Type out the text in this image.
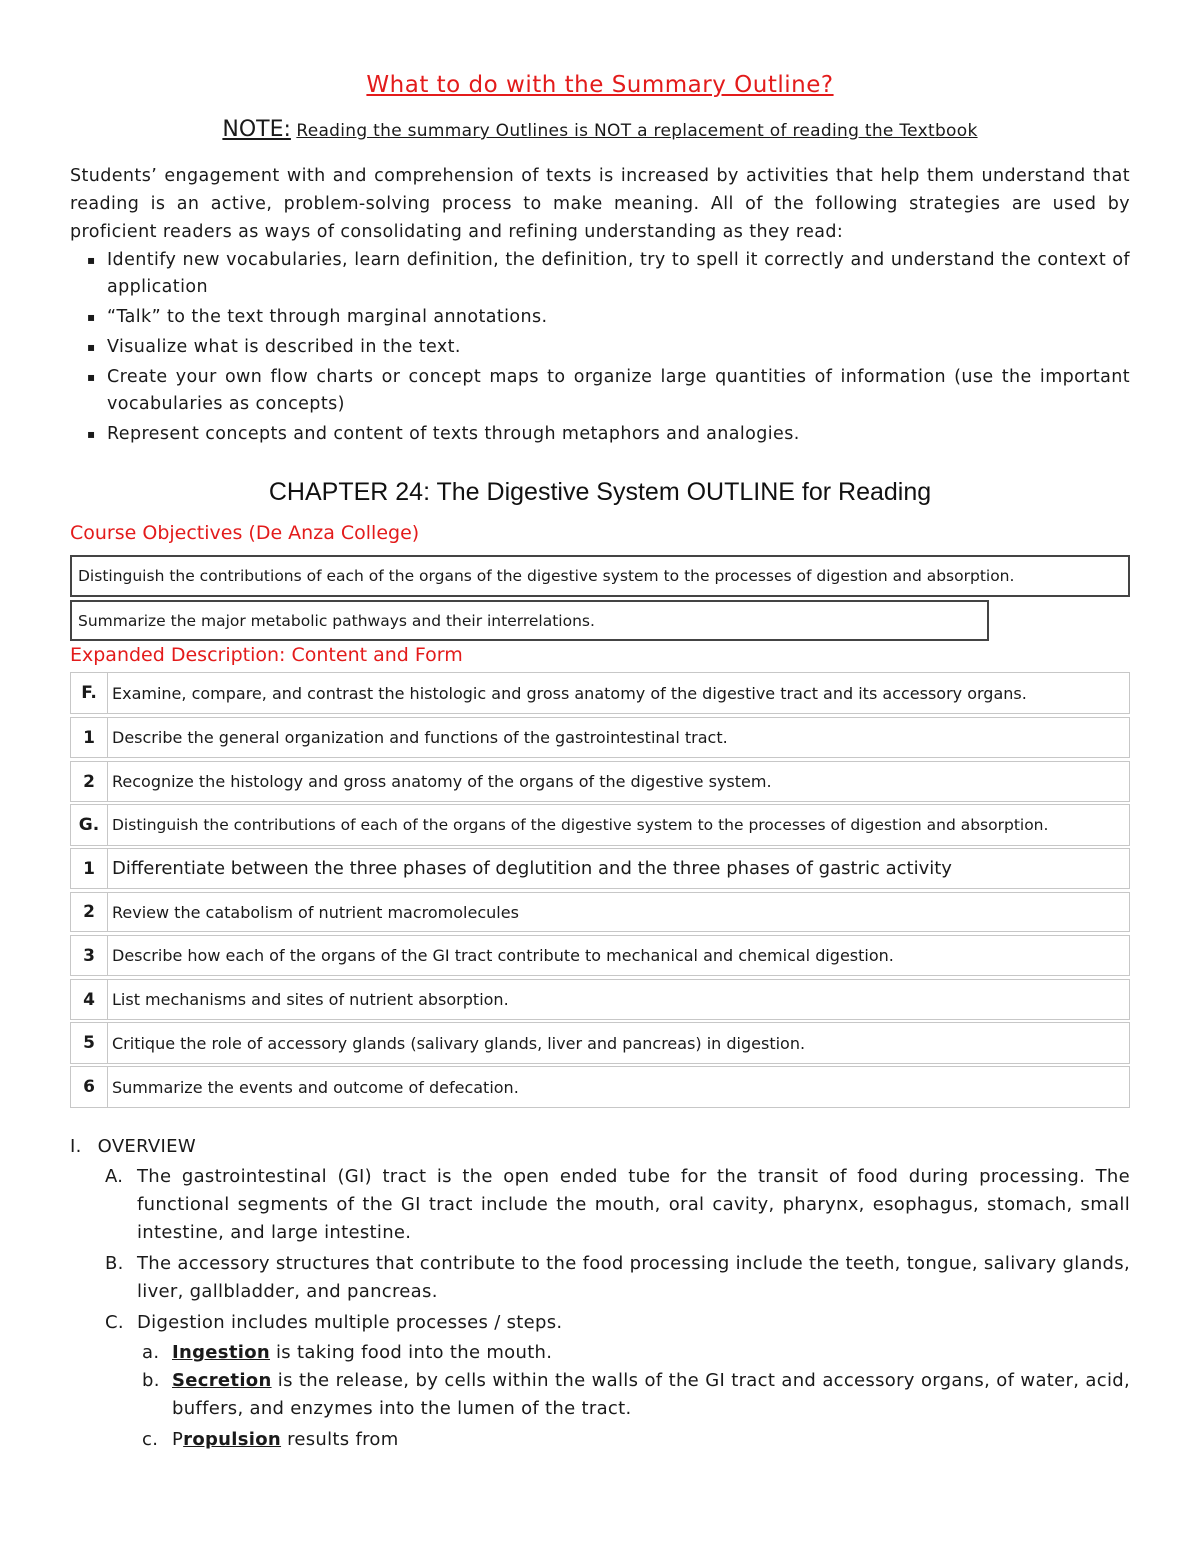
What to do with the Summary Outline?
NOTE: Reading the summary Outlines is NOT a replacement of reading the Textbook

Students’ engagement with and comprehension of texts is increased by activities that help them understand that reading is an active, problem-solving process to make meaning. All of the following strategies are used by proficient readers as ways of consolidating and refining understanding as they read:

▪ Identify new vocabularies, learn definition, the definition, try to spell it correctly and understand the context of application
▪ “Talk” to the text through marginal annotations.
▪ Visualize what is described in the text.
▪ Create your own flow charts or concept maps to organize large quantities of information (use the important vocabularies as concepts)
▪ Represent concepts and content of texts through metaphors and analogies.
CHAPTER 24: The Digestive System OUTLINE for Reading
Course Objectives (De Anza College)
Distinguish the contributions of each of the organs of the digestive system to the processes of digestion and absorption.
Summarize the major metabolic pathways and their interrelations.
Expanded Description: Content and Form
F. Examine, compare, and contrast the histologic and gross anatomy of the digestive tract and its accessory organs.
1	Describe the general organization and functions of the gastrointestinal tract.
2	Recognize the histology and gross anatomy of the organs of the digestive system.
G. Distinguish the contributions of each of the organs of the digestive system to the processes of digestion and absorption.
1 Differentiate between the three phases of deglutition and the three phases of gastric activity
2	Review the catabolism of nutrient macromolecules
3	Describe how each of the organs of the GI tract contribute to mechanical and chemical digestion.
4	List mechanisms and sites of nutrient absorption.
5	Critique the role of accessory glands (salivary glands, liver and pancreas) in digestion.
6	Summarize the events and outcome of defecation.
I. OVERVIEW
A. The gastrointestinal (GI) tract is the open ended tube for the transit of food during processing. The functional segments of the GI tract include the mouth, oral cavity, pharynx, esophagus, stomach, small intestine, and large intestine.
B. The accessory structures that contribute to the food processing include the teeth, tongue, salivary glands, liver, gallbladder, and pancreas.
C. Digestion includes multiple processes / steps.
a. Ingestion is taking food into the mouth.
b. Secretion is the release, by cells within the walls of the GI tract and accessory organs, of water, acid, buffers, and enzymes into the lumen of the tract.
c. Propulsion results from
